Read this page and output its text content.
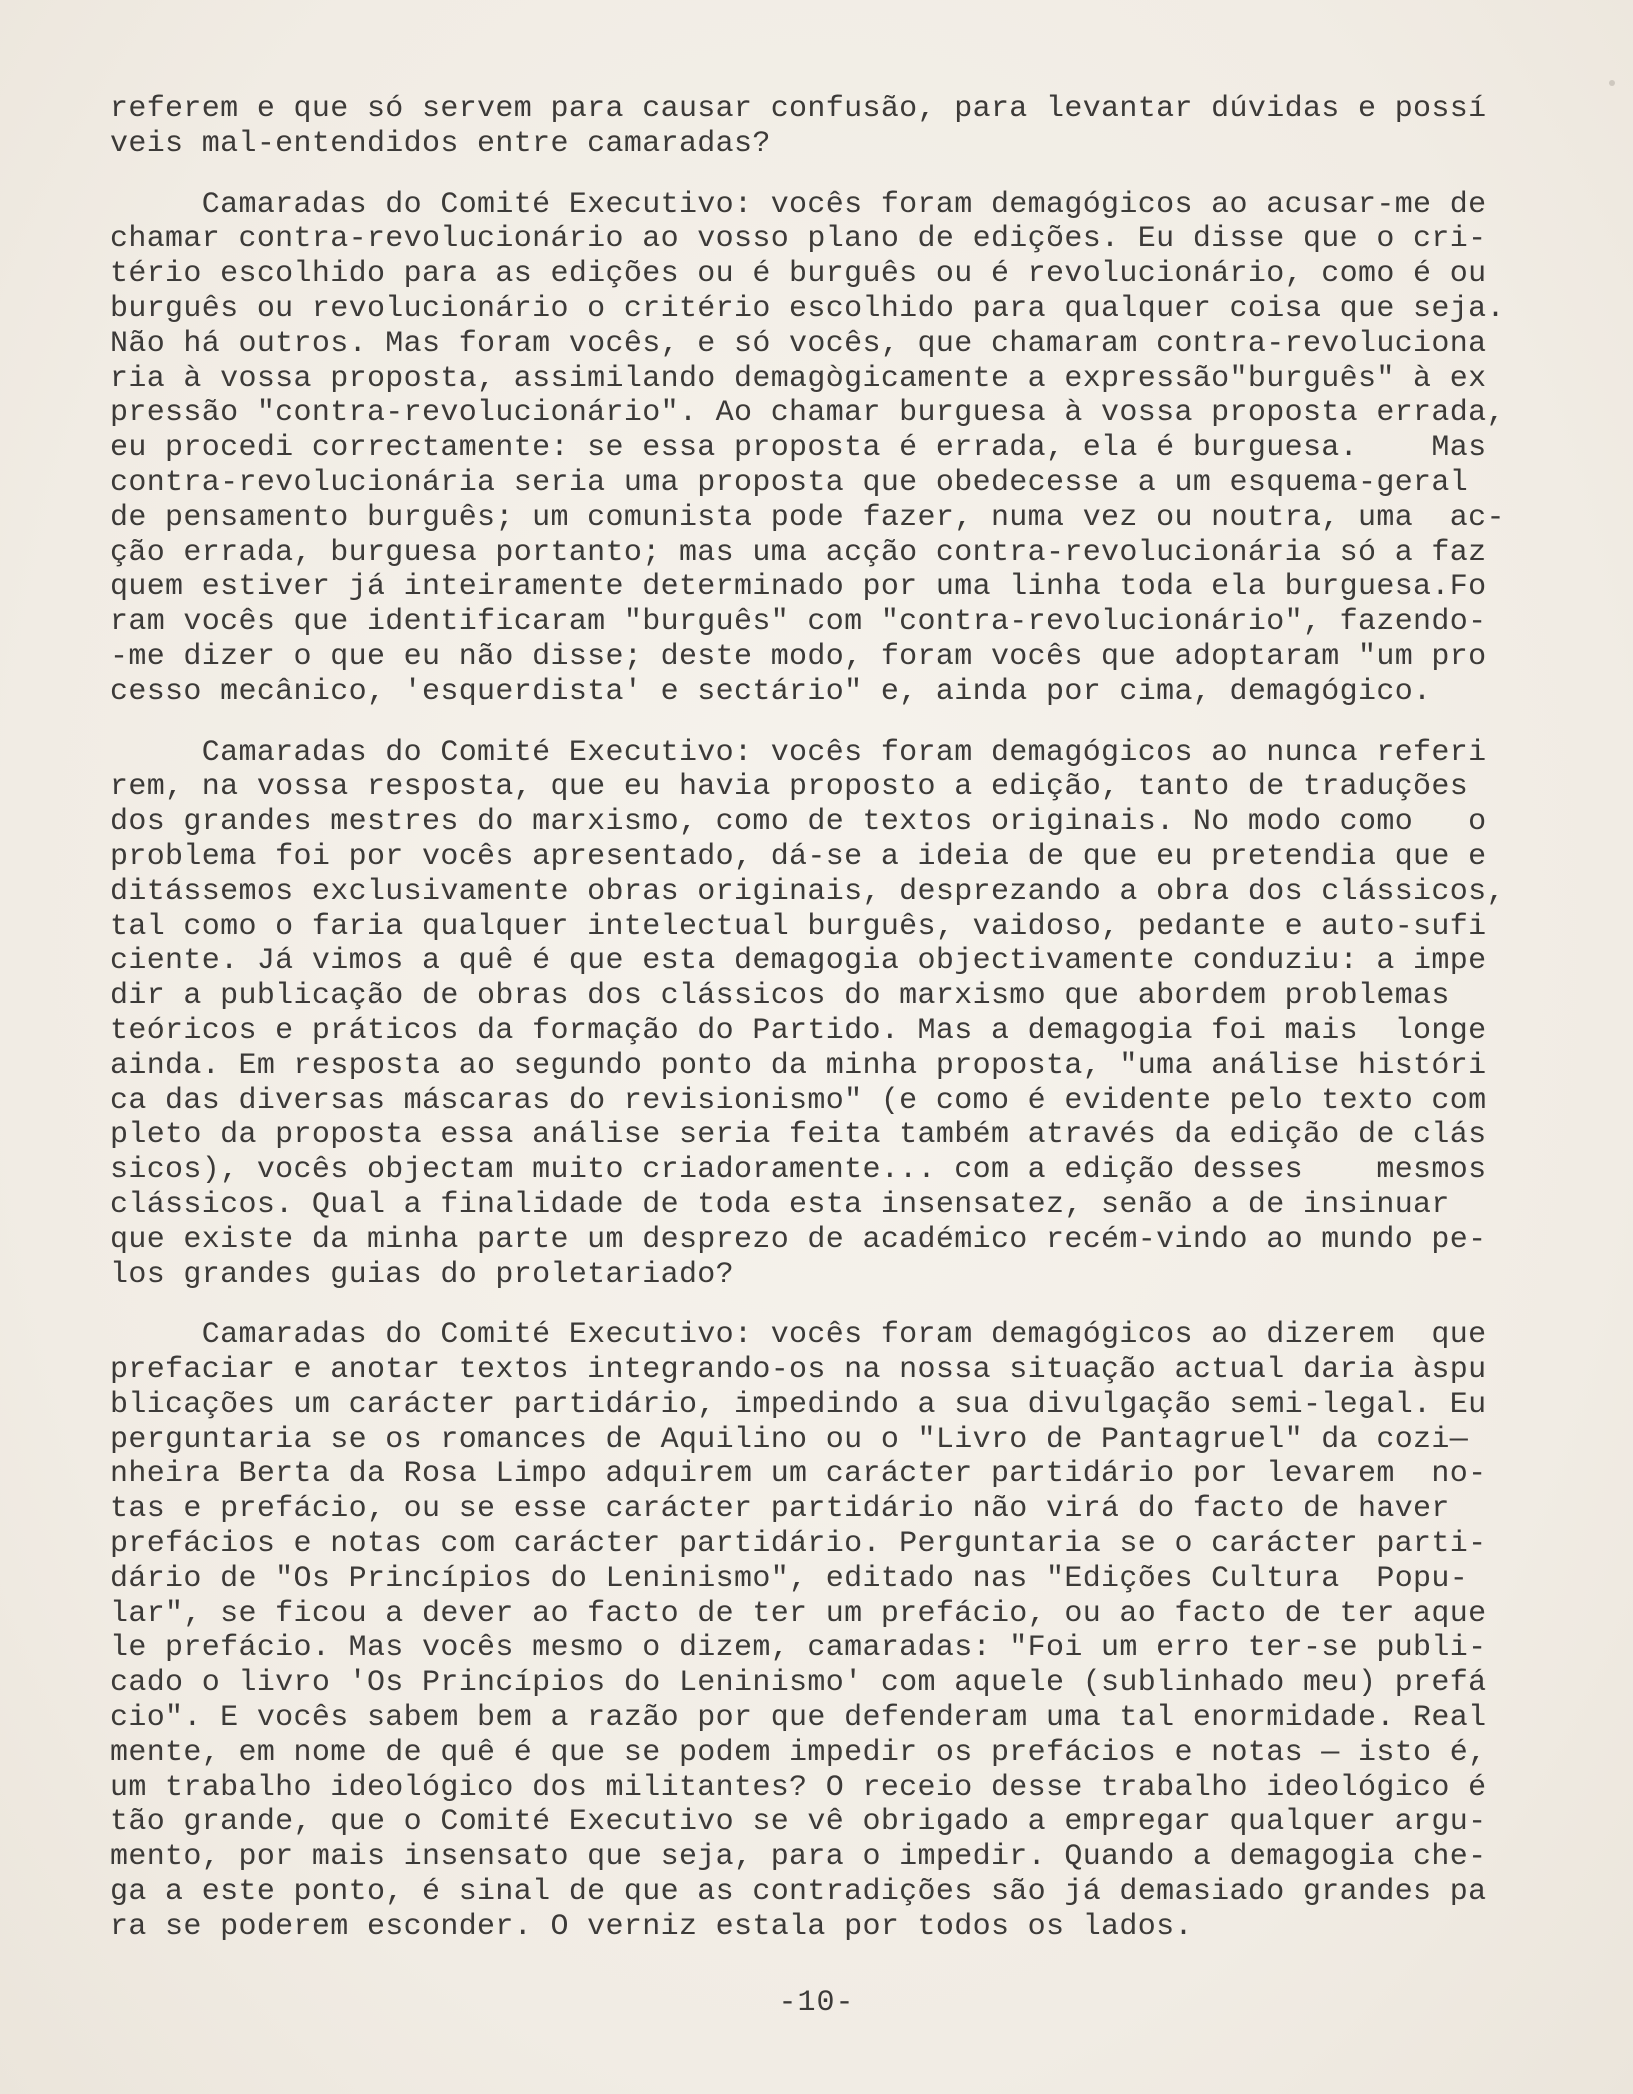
referem e que só servem para causar confusão, para levantar dúvidas e possí
veis mal-entendidos entre camaradas?
Camaradas do Comité Executivo: vocês foram demagógicos ao acusar-me de
chamar contra-revolucionário ao vosso plano de edições. Eu disse que o cri-
tério escolhido para as edições ou é burguês ou é revolucionário, como é ou
burguês ou revolucionário o critério escolhido para qualquer coisa que seja.
Não há outros. Mas foram vocês, e só vocês, que chamaram contra-revoluciona
ria à vossa proposta, assimilando demagògicamente a expressão"burguês" à ex
pressão "contra-revolucionário". Ao chamar burguesa à vossa proposta errada,
eu procedi correctamente: se essa proposta é errada, ela é burguesa.    Mas
contra-revolucionária seria uma proposta que obedecesse a um esquema-geral
de pensamento burguês; um comunista pode fazer, numa vez ou noutra, uma  ac-
ção errada, burguesa portanto; mas uma acção contra-revolucionária só a faz
quem estiver já inteiramente determinado por uma linha toda ela burguesa.Fo
ram vocês que identificaram "burguês" com "contra-revolucionário", fazendo-
-me dizer o que eu não disse; deste modo, foram vocês que adoptaram "um pro
cesso mecânico, 'esquerdista' e sectário" e, ainda por cima, demagógico.
Camaradas do Comité Executivo: vocês foram demagógicos ao nunca referi
rem, na vossa resposta, que eu havia proposto a edição, tanto de traduções
dos grandes mestres do marxismo, como de textos originais. No modo como   o
problema foi por vocês apresentado, dá-se a ideia de que eu pretendia que e
ditássemos exclusivamente obras originais, desprezando a obra dos clássicos,
tal como o faria qualquer intelectual burguês, vaidoso, pedante e auto-sufi
ciente. Já vimos a quê é que esta demagogia objectivamente conduziu: a impe
dir a publicação de obras dos clássicos do marxismo que abordem problemas
teóricos e práticos da formação do Partido. Mas a demagogia foi mais  longe
ainda. Em resposta ao segundo ponto da minha proposta, "uma análise históri
ca das diversas máscaras do revisionismo" (e como é evidente pelo texto com
pleto da proposta essa análise seria feita também através da edição de clás
sicos), vocês objectam muito criadoramente... com a edição desses    mesmos
clássicos. Qual a finalidade de toda esta insensatez, senão a de insinuar
que existe da minha parte um desprezo de académico recém-vindo ao mundo pe-
los grandes guias do proletariado?
Camaradas do Comité Executivo: vocês foram demagógicos ao dizerem  que
prefaciar e anotar textos integrando-os na nossa situação actual daria àspu
blicações um carácter partidário, impedindo a sua divulgação semi-legal. Eu
perguntaria se os romances de Aquilino ou o "Livro de Pantagruel" da cozi—
nheira Berta da Rosa Limpo adquirem um carácter partidário por levarem  no-
tas e prefácio, ou se esse carácter partidário não virá do facto de haver
prefácios e notas com carácter partidário. Perguntaria se o carácter parti-
dário de "Os Princípios do Leninismo", editado nas "Edições Cultura  Popu-
lar", se ficou a dever ao facto de ter um prefácio, ou ao facto de ter aque
le prefácio. Mas vocês mesmo o dizem, camaradas: "Foi um erro ter-se publi-
cado o livro 'Os Princípios do Leninismo' com aquele (sublinhado meu) prefá
cio". E vocês sabem bem a razão por que defenderam uma tal enormidade. Real
mente, em nome de quê é que se podem impedir os prefácios e notas — isto é,
um trabalho ideológico dos militantes? O receio desse trabalho ideológico é
tão grande, que o Comité Executivo se vê obrigado a empregar qualquer argu-
mento, por mais insensato que seja, para o impedir. Quando a demagogia che-
ga a este ponto, é sinal de que as contradições são já demasiado grandes pa
ra se poderem esconder. O verniz estala por todos os lados.
-10-
